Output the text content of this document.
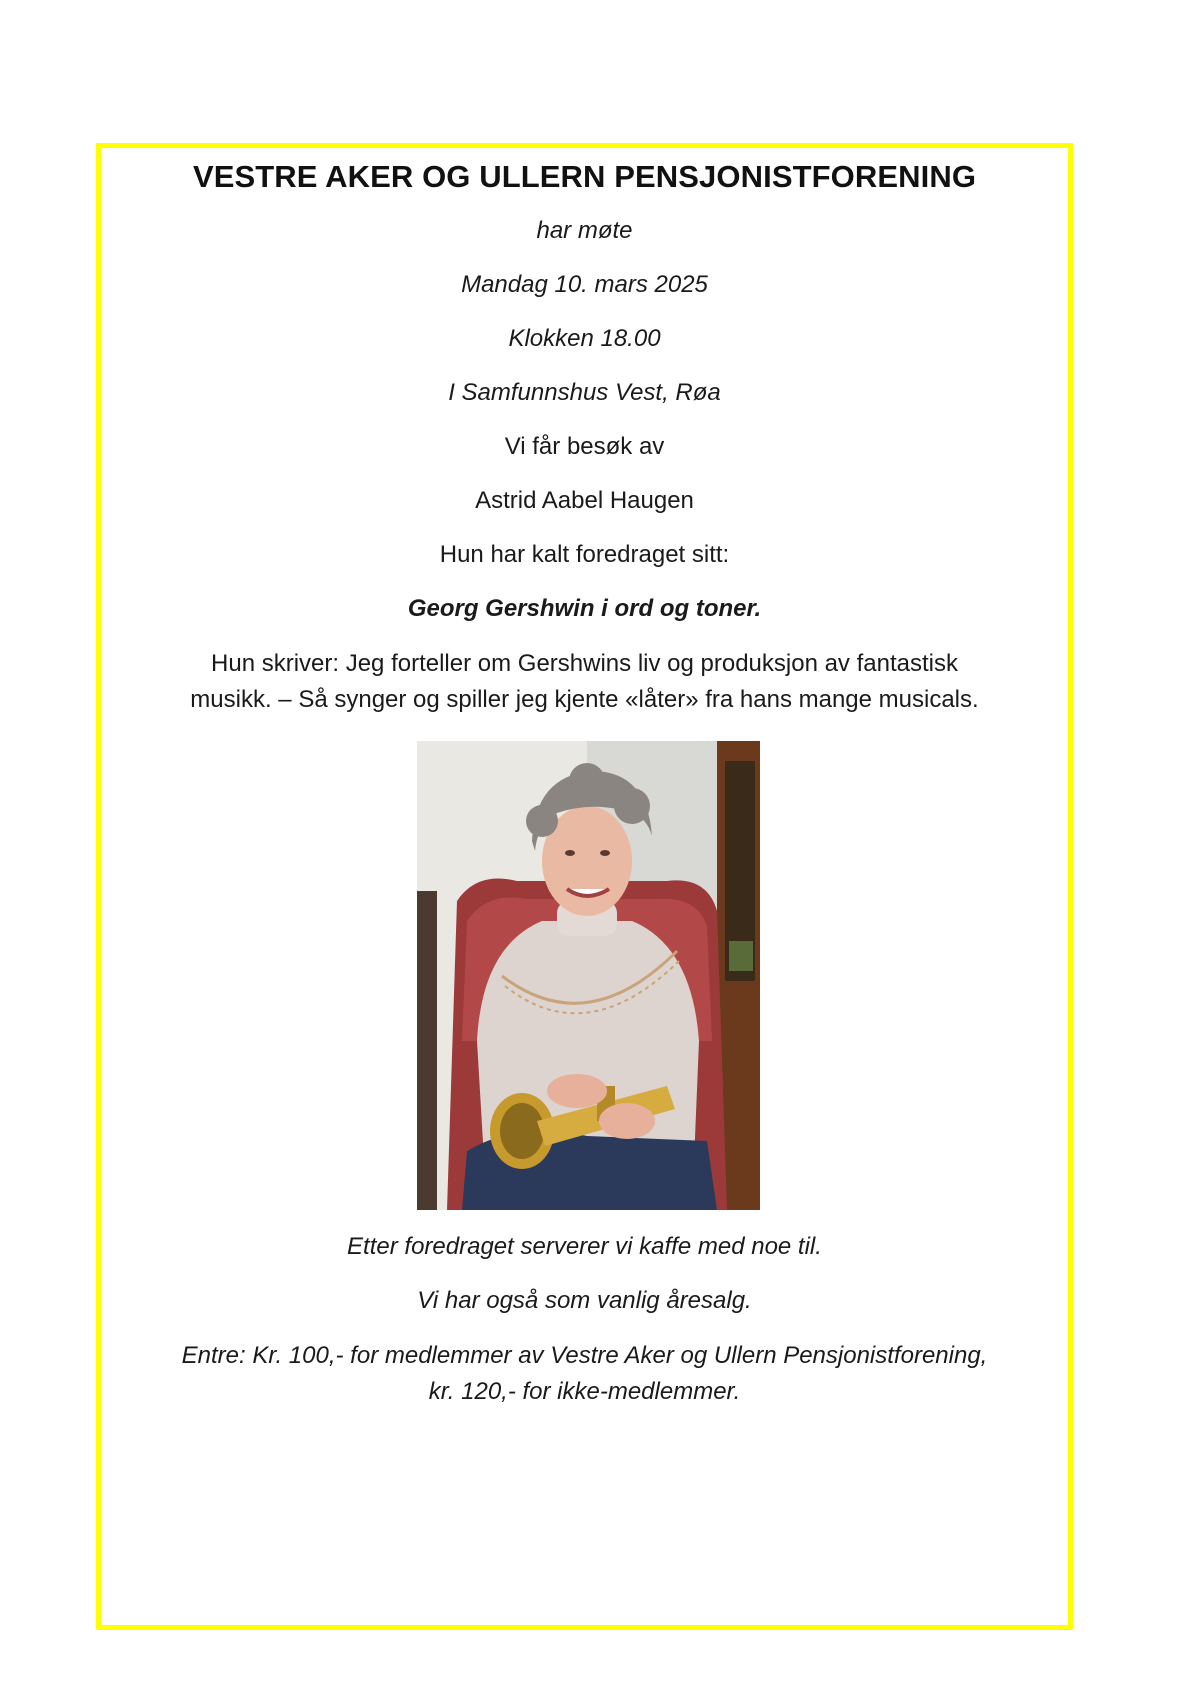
VESTRE AKER OG ULLERN PENSJONISTFORENING

har møte

Mandag 10. mars 2025

Klokken 18.00

I Samfunnshus Vest, Røa

Vi får besøk av

Astrid Aabel Haugen

Hun har kalt foredraget sitt:

Georg Gershwin i ord og toner.

Hun skriver: Jeg forteller om Gershwins liv og produksjon av fantastisk
musikk. – Så synger og spiller jeg kjente «låter» fra hans mange musicals.

Etter foredraget serverer vi kaffe med noe til.

Vi har også som vanlig åresalg.

Entre: Kr. 100,- for medlemmer av Vestre Aker og Ullern Pensjonistforening,
kr. 120,- for ikke-medlemmer.
